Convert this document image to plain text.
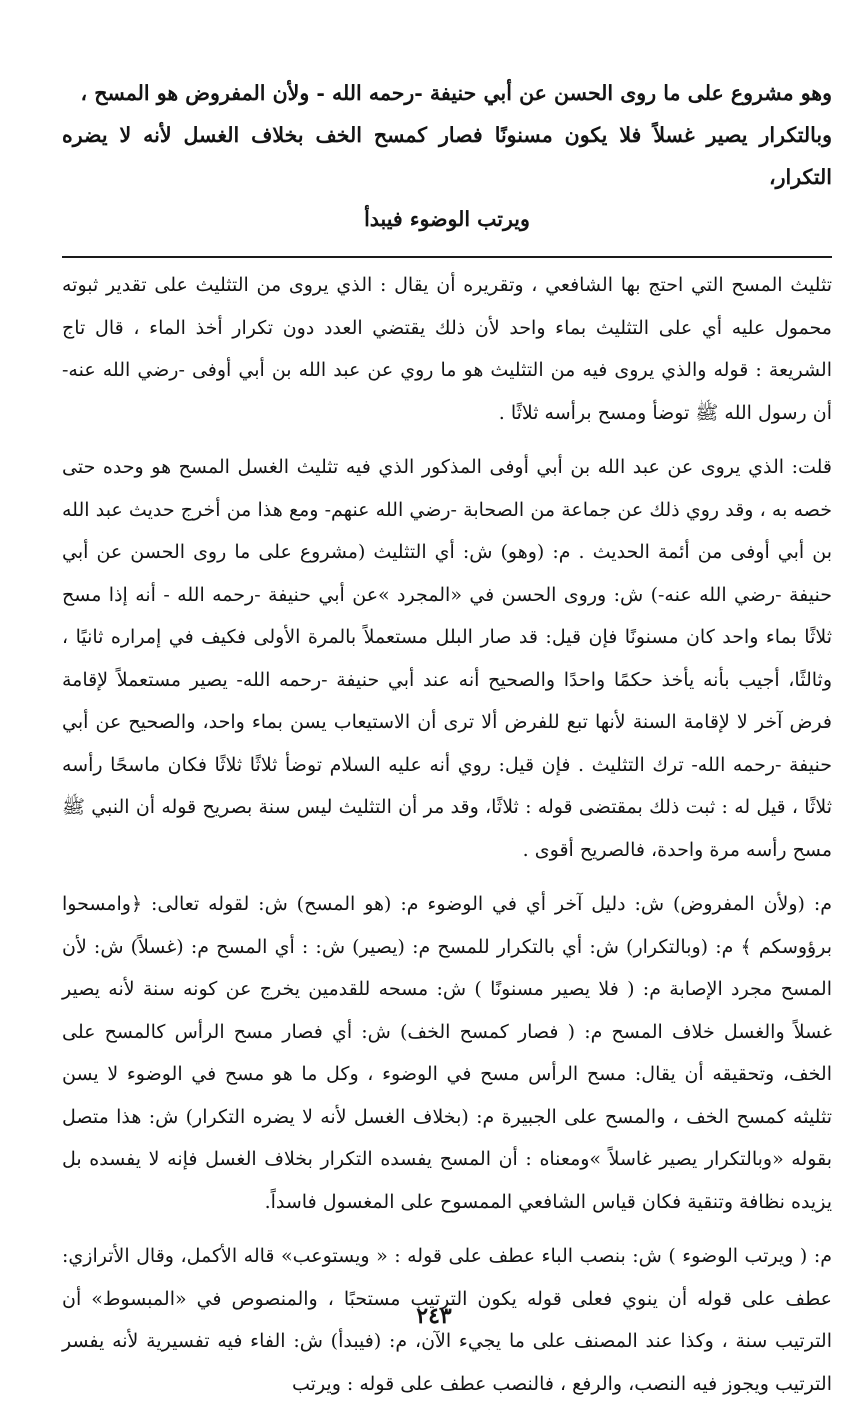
وهو مشروع على ما روى الحسن عن أبي حنيفة -رحمه الله - ولأن المفروض هو المسح ،

وبالتكرار يصير غسلاً فلا يكون مسنونًا فصار كمسح الخف بخلاف الغسل لأنه لا يضره التكرار،

ويرتب الوضوء فيبدأ

تثليث المسح التي احتج بها الشافعي ، وتقريره أن يقال : الذي يروى من التثليث على تقدير ثبوته محمول عليه أي على التثليث بماء واحد لأن ذلك يقتضي العدد دون تكرار أخذ الماء ، قال تاج الشريعة : قوله والذي يروى فيه من التثليث هو ما روي عن عبد الله بن أبي أوفى -رضي الله عنه- أن رسول الله ﷺ توضأ ومسح برأسه ثلاثًا .

قلت: الذي يروى عن عبد الله بن أبي أوفى المذكور الذي فيه تثليث الغسل المسح هو وحده حتى خصه به ، وقد روي ذلك عن جماعة من الصحابة -رضي الله عنهم- ومع هذا من أخرج حديث عبد الله بن أبي أوفى من أئمة الحديث . م: (وهو) ش: أي التثليث (مشروع على ما روى الحسن عن أبي حنيفة -رضي الله عنه-) ش: وروى الحسن في «المجرد »عن أبي حنيفة -رحمه الله - أنه إذا مسح ثلاثًا بماء واحد كان مسنونًا فإن قيل: قد صار البلل مستعملاً بالمرة الأولى فكيف في إمراره ثانيًا ، وثالثًا، أجيب بأنه يأخذ حكمًا واحدًا والصحيح أنه عند أبي حنيفة -رحمه الله- يصير مستعملاً لإقامة فرض آخر لا لإقامة السنة لأنها تبع للفرض ألا ترى أن الاستيعاب يسن بماء واحد، والصحيح عن أبي حنيفة -رحمه الله- ترك التثليث . فإن قيل: روي أنه عليه السلام توضأ ثلاثًا ثلاثًا فكان ماسحًا رأسه ثلاثًا ، قيل له : ثبت ذلك بمقتضى قوله : ثلاثًا، وقد مر أن التثليث ليس سنة بصريح قوله أن النبي ﷺ مسح رأسه مرة واحدة، فالصريح أقوى .

م: (ولأن المفروض) ش: دليل آخر أي في الوضوء م: (هو المسح) ش: لقوله تعالى: ﴿وامسحوا برؤوسكم ﴾ م: (وبالتكرار) ش: أي بالتكرار للمسح م: (يصير) ش: : أي المسح م: (غسلاً) ش: لأن المسح مجرد الإصابة م: ( فلا يصير مسنونًا ) ش: مسحه للقدمين يخرج عن كونه سنة لأنه يصير غسلاً والغسل خلاف المسح م: ( فصار كمسح الخف) ش: أي فصار مسح الرأس كالمسح على الخف، وتحقيقه أن يقال: مسح الرأس مسح في الوضوء ، وكل ما هو مسح في الوضوء لا يسن تثليثه كمسح الخف ، والمسح على الجبيرة م: (بخلاف الغسل لأنه لا يضره التكرار) ش: هذا متصل بقوله «وبالتكرار يصير غاسلاً »ومعناه : أن المسح يفسده التكرار بخلاف الغسل فإنه لا يفسده بل يزيده نظافة وتنقية فكان قياس الشافعي الممسوح على المغسول فاسداً.

م: ( ويرتب الوضوء ) ش: بنصب الباء عطف على قوله : « ويستوعب» قاله الأكمل، وقال الأترازي: عطف على قوله أن ينوي فعلى قوله يكون الترتيب مستحبًا ، والمنصوص في «المبسوط» أن الترتيب سنة ، وكذا عند المصنف على ما يجيء الآن، م: (فيبدأ) ش: الفاء فيه تفسيرية لأنه يفسر الترتيب ويجوز فيه النصب، والرفع ، فالنصب عطف على قوله : ويرتب

٢٤٣
